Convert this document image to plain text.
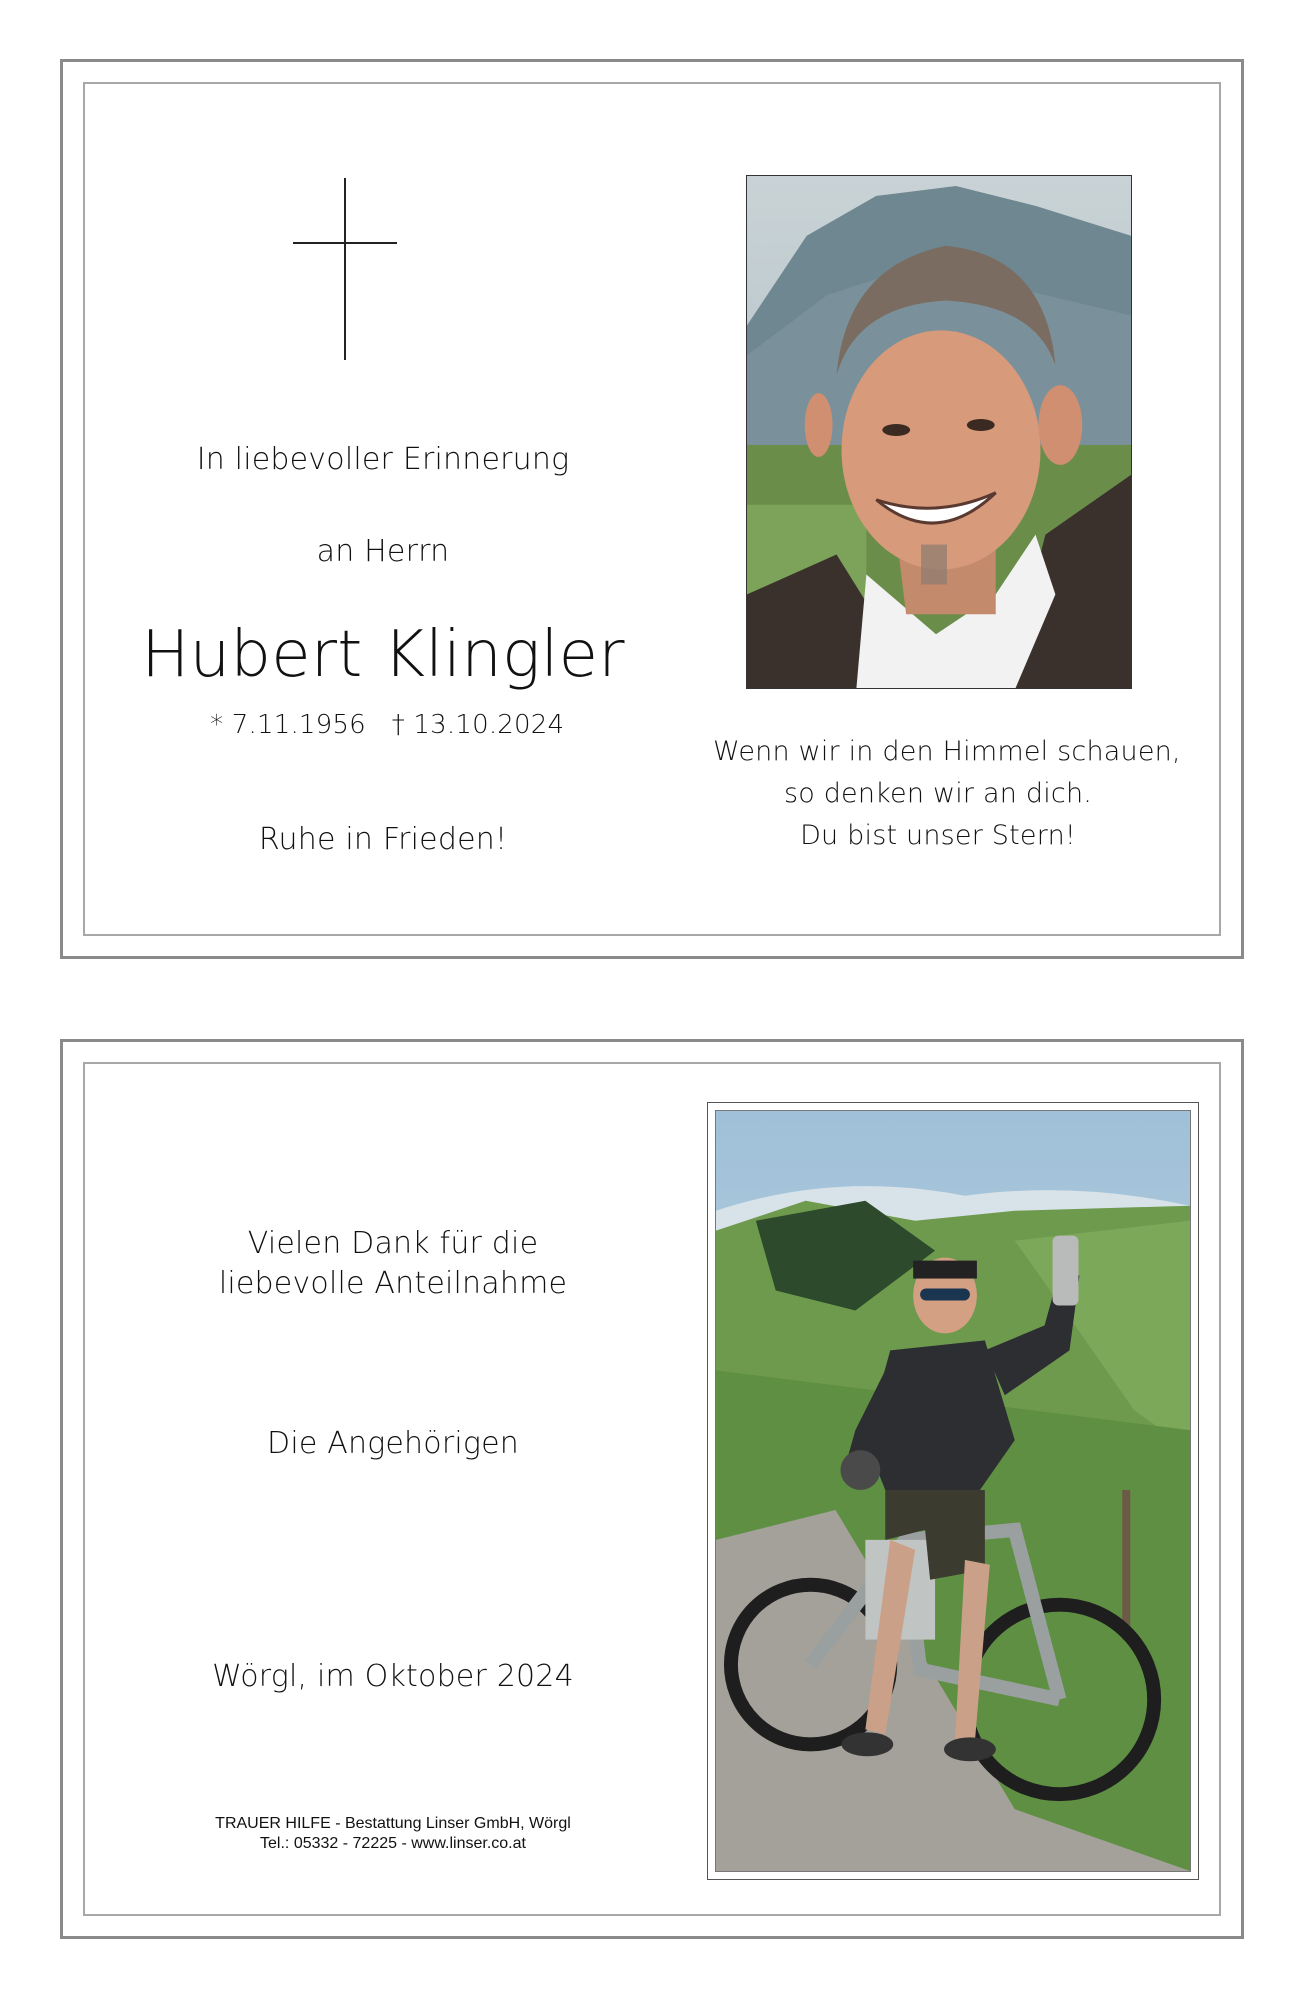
In liebevoller Erinnerung
an Herrn
Hubert Klingler
* 7.11.1956 † 13.10.2024
Ruhe in Frieden!
Wenn wir in den Himmel schauen,
so denken wir an dich.
Du bist unser Stern!
Vielen Dank für die
liebevolle Anteilnahme
Die Angehörigen
Wörgl, im Oktober 2024
TRAUER HILFE - Bestattung Linser GmbH, Wörgl
Tel.: 05332 - 72225 - www.linser.co.at
